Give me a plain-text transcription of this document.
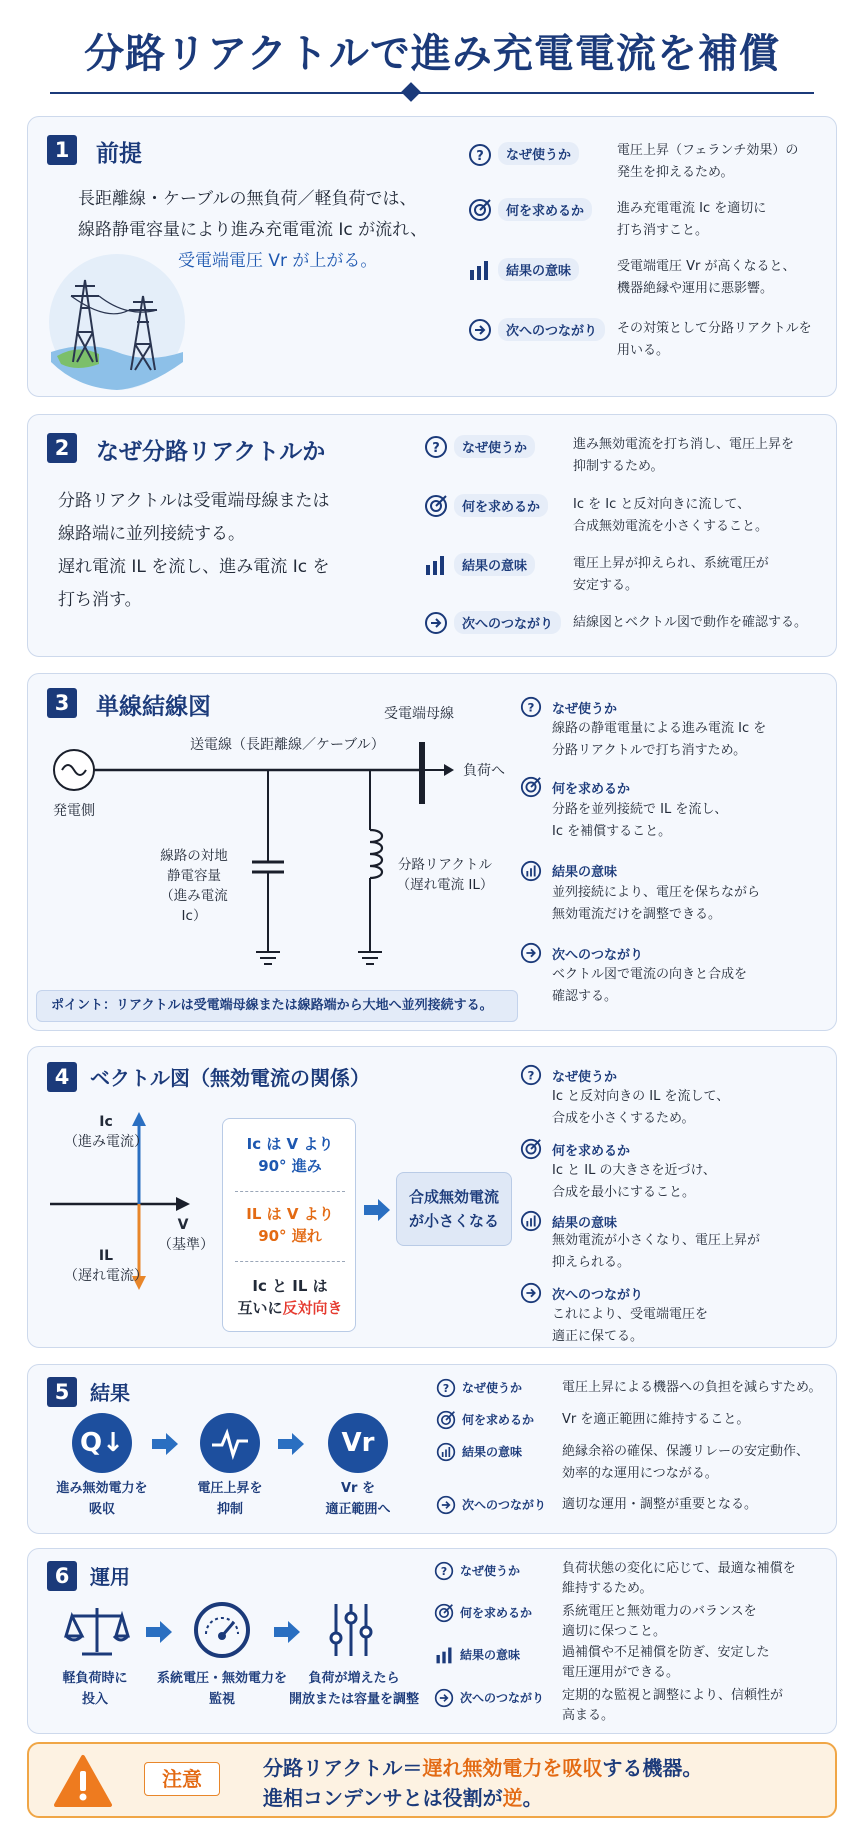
分路リアクトルで進み充電電流を補償
1	前提
長距離線・ケーブルの無負荷／軽負荷では、
線路静電容量により進み充電電流 Iᴄ が流れ、
受電端電圧 Vr が上がる。
?	なぜ使うか	電圧上昇（フェランチ効果）の
発生を抑えるため。
何を求めるか	進み充電電流 Iᴄ を適切に
打ち消すこと。
結果の意味	受電端電圧 Vr が高くなると、
機器絶縁や運用に悪影響。
次へのつながり	その対策として分路リアクトルを
用いる。
2	なぜ分路リアクトルか
分路リアクトルは受電端母線または
線路端に並列接続する。
遅れ電流 IL を流し、進み電流 Iᴄ を
打ち消す。
?	なぜ使うか	進み無効電流を打ち消し、電圧上昇を
抑制するため。
何を求めるか	Iᴄ を Iᴄ と反対向きに流して、
合成無効電流を小さくすること。
結果の意味	電圧上昇が抑えられ、系統電圧が
安定する。
次へのつながり	結線図とベクトル図で動作を確認する。
3	単線結線図	受電端母線
送電線（長距離線／ケーブル）
負荷へ
発電側
線路の対地
静電容量
（進み電流 Iᴄ）
分路リアクトル
（遅れ電流 IL）
ポイント：リアクトルは受電端母線または線路端から大地へ並列接続する。
? なぜ使うか
線路の静電電量による進み電流 Iᴄ を
分路リアクトルで打ち消すため。
何を求めるか
分路を並列接続で IL を流し、
Iᴄ を補償すること。
結果の意味
並列接続により、電圧を保ちながら
無効電流だけを調整できる。
次へのつながり
ベクトル図で電流の向きと合成を
確認する。
4	ベクトル図（無効電流の関係）
Iᴄ
（進み電流）
IL
（遅れ電流）
V
（基準）
Iᴄ は V より
90° 進み
IL は V より
90° 遅れ
Iᴄ と IL は
互いに反対向き
合成無効電流
が小さくなる
? なぜ使うか
Iᴄ と反対向きの IL を流して、
合成を小さくするため。
何を求めるか
Iᴄ と IL の大きさを近づけ、
合成を最小にすること。
結果の意味
無効電流が小さくなり、電圧上昇が
抑えられる。
次へのつながり
これにより、受電端電圧を
適正に保てる。
5	結果
Q↓	Vr
進み無効電力を
吸収
電圧上昇を
抑制
Vr を
適正範囲へ
? なぜ使うか	電圧上昇による機器への負担を減らすため。
何を求めるか Vr を適正範囲に維持すること。
結果の意味	絶縁余裕の確保、保護リレーの安定動作、
効率的な運用につながる。
次へのつながり 適切な運用・調整が重要となる。
6	運用
軽負荷時に
投入
系統電圧・無効電力を
監視
負荷が増えたら
開放または容量を調整
? なぜ使うか	負荷状態の変化に応じて、最適な補償を
維持するため。
何を求めるか 系統電圧と無効電力のバランスを
適切に保つこと。
結果の意味	過補償や不足補償を防ぎ、安定した
電圧運用ができる。
次へのつながり 定期的な監視と調整により、信頼性が
高まる。
注意	分路リアクトル＝遅れ無効電力を吸収する機器。
進相コンデンサとは役割が逆。
